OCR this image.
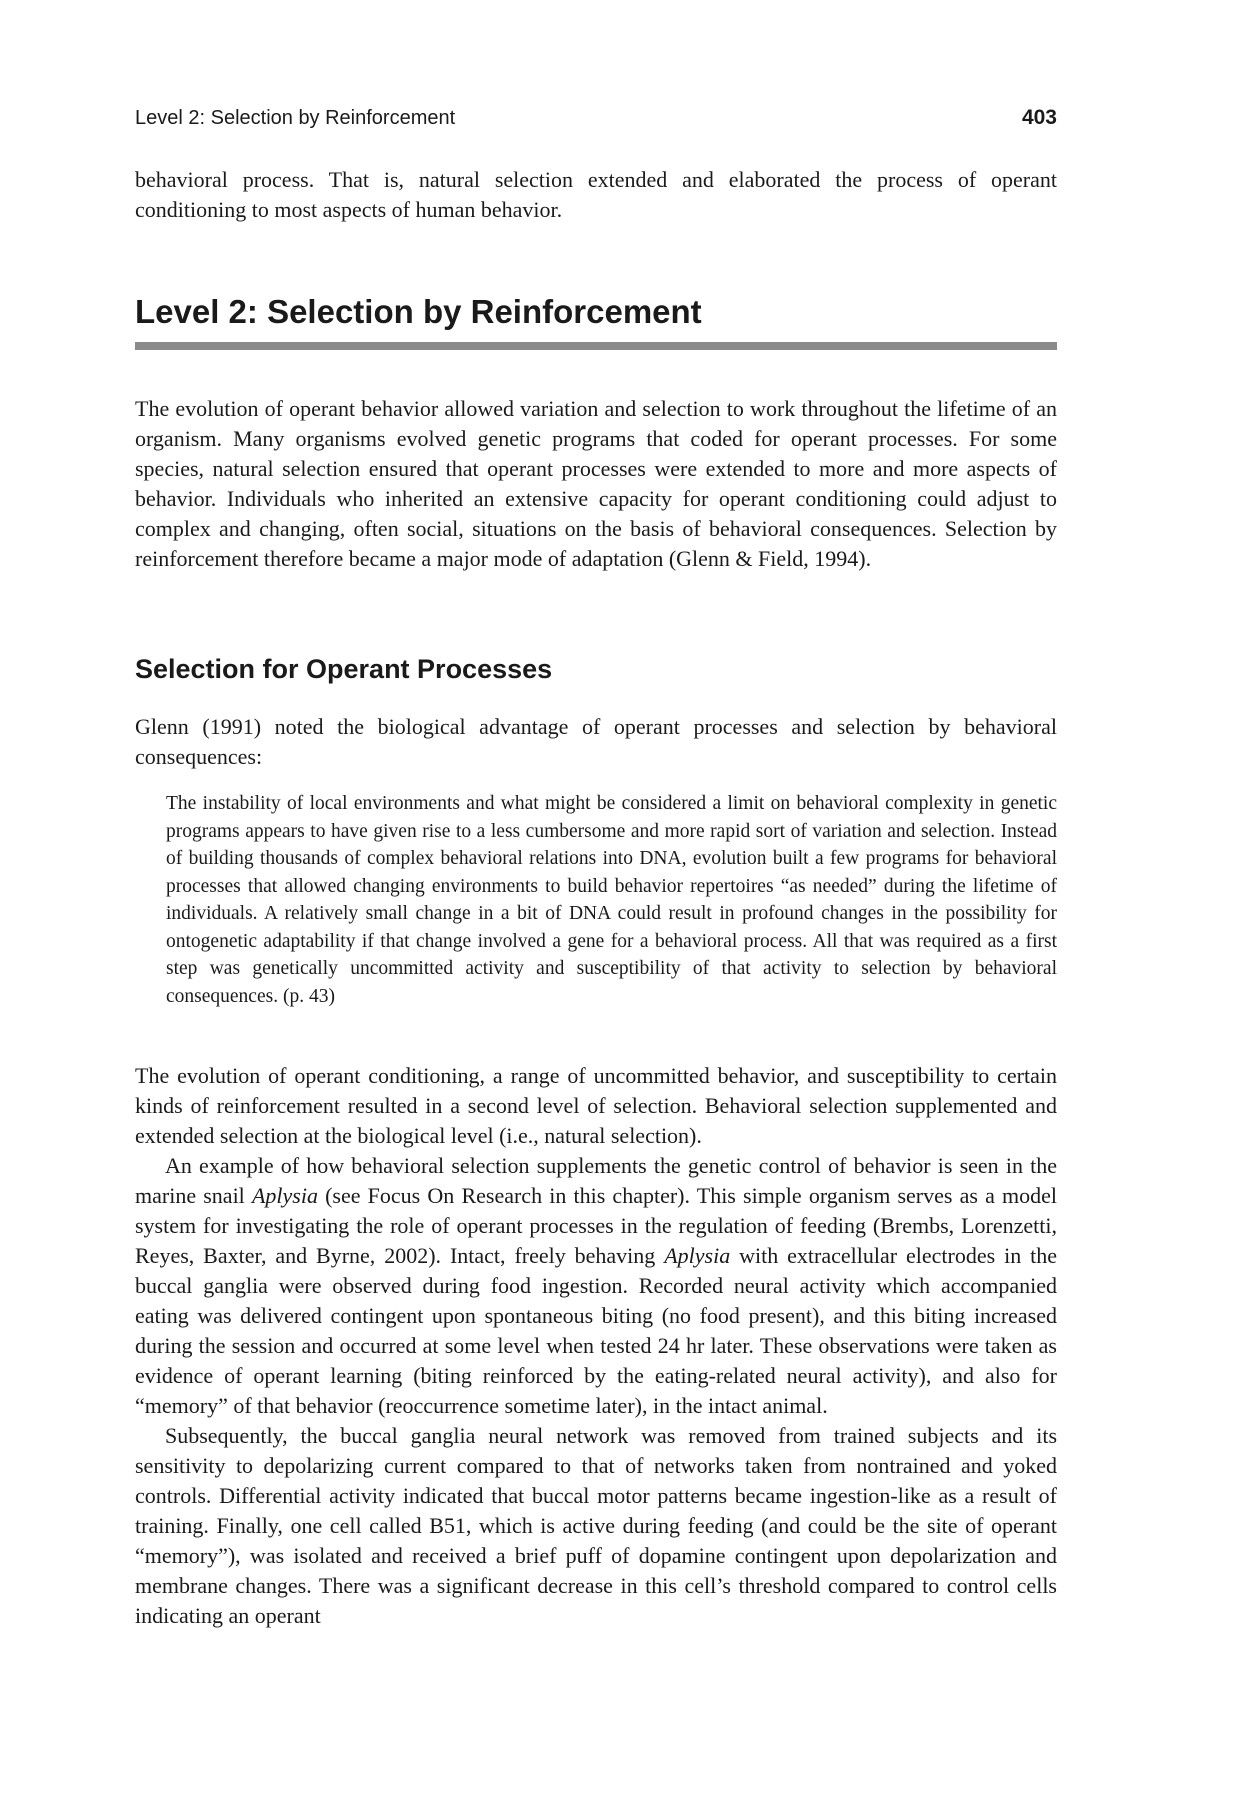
Level 2: Selection by Reinforcement	403

behavioral process. That is, natural selection extended and elaborated the process of operant conditioning to most aspects of human behavior.

Level 2: Selection by Reinforcement

The evolution of operant behavior allowed variation and selection to work throughout the lifetime of an organism. Many organisms evolved genetic programs that coded for operant processes. For some species, natural selection ensured that operant processes were extended to more and more aspects of behavior. Individuals who inherited an extensive capacity for operant conditioning could adjust to complex and changing, often social, situations on the basis of behavioral consequences. Selection by reinforcement therefore became a major mode of adaptation (Glenn & Field, 1994).

Selection for Operant Processes

Glenn (1991) noted the biological advantage of operant processes and selection by behavioral consequences:

The instability of local environments and what might be considered a limit on behavioral complexity in genetic programs appears to have given rise to a less cumbersome and more rapid sort of variation and selection. Instead of building thousands of complex behavioral relations into DNA, evolution built a few programs for behavioral processes that allowed changing environments to build behavior repertoires “as needed” during the lifetime of individuals. A relatively small change in a bit of DNA could result in profound changes in the possibility for ontogenetic adaptability if that change involved a gene for a behavioral process. All that was required as a first step was genetically uncommitted activity and susceptibility of that activity to selection by behavioral consequences. (p. 43)

The evolution of operant conditioning, a range of uncommitted behavior, and susceptibility to certain kinds of reinforcement resulted in a second level of selection. Behavioral selection supplemented and extended selection at the biological level (i.e., natural selection).

An example of how behavioral selection supplements the genetic control of behavior is seen in the marine snail Aplysia (see Focus On Research in this chapter). This simple organism serves as a model system for investigating the role of operant processes in the regulation of feeding (Brembs, Lorenzetti, Reyes, Baxter, and Byrne, 2002). Intact, freely behaving Aplysia with extracellular electrodes in the buccal ganglia were observed during food ingestion. Recorded neural activity which accompanied eating was delivered contingent upon spontaneous biting (no food present), and this biting increased during the session and occurred at some level when tested 24 hr later. These observations were taken as evidence of operant learning (biting reinforced by the eating-related neural activity), and also for “memory” of that behavior (reoccurrence sometime later), in the intact animal.

Subsequently, the buccal ganglia neural network was removed from trained subjects and its sensitivity to depolarizing current compared to that of networks taken from nontrained and yoked controls. Differential activity indicated that buccal motor patterns became ingestion-like as a result of training. Finally, one cell called B51, which is active during feeding (and could be the site of operant “memory”), was isolated and received a brief puff of dopamine contingent upon depolarization and membrane changes. There was a significant decrease in this cell’s threshold compared to control cells indicating an operant
